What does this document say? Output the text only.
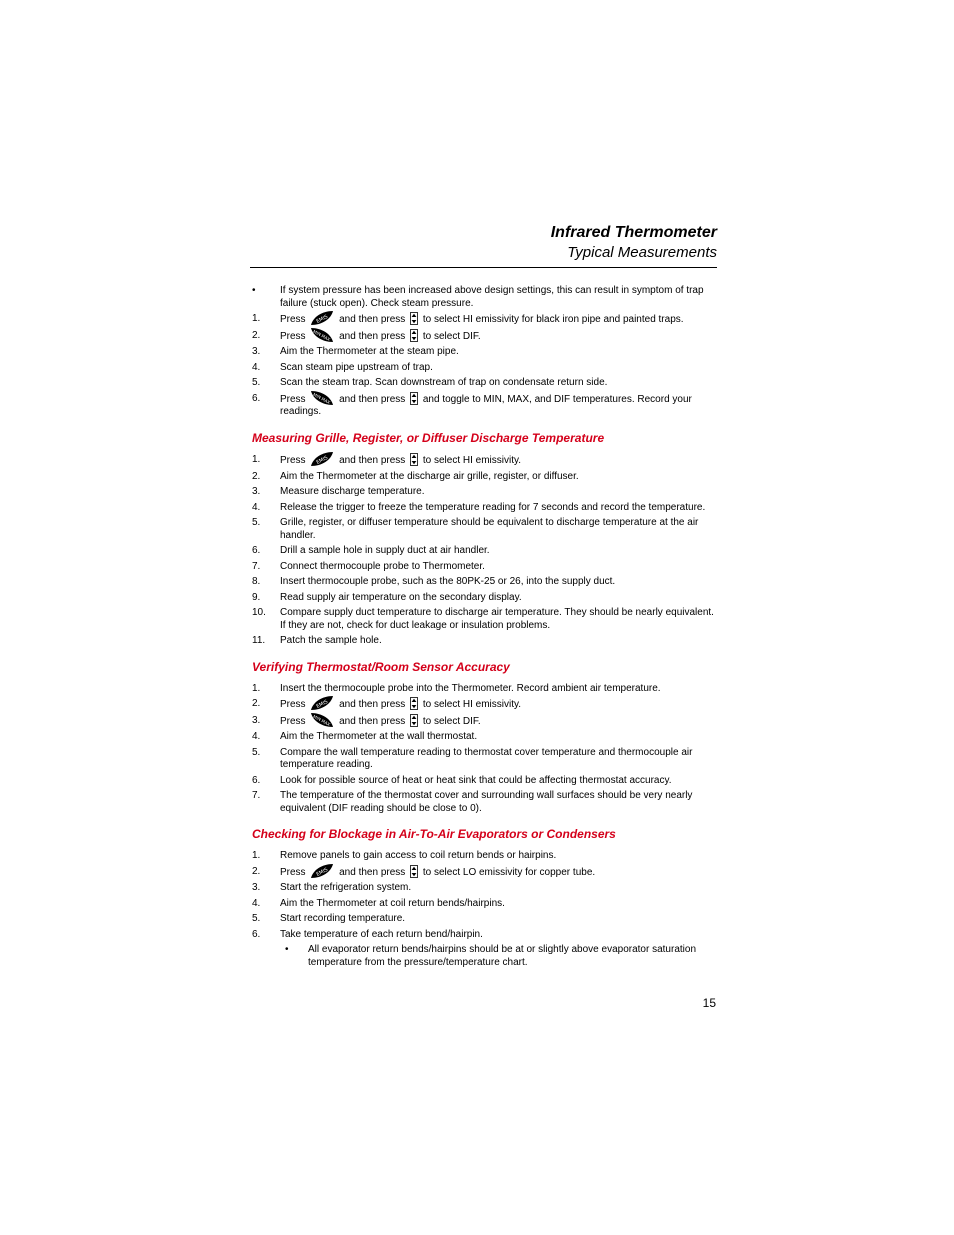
Infrared Thermometer
Typical Measurements
• If system pressure has been increased above design settings, this can result in symptom of trap failure (stuck open). Check steam pressure.
1. Press EMIS and then press to select HI emissivity for black iron pipe and painted traps.
2. Press MIN MAX and then press to select DIF.
3. Aim the Thermometer at the steam pipe.
4. Scan steam pipe upstream of trap.
5. Scan the steam trap. Scan downstream of trap on condensate return side.
6. Press MIN MAX and then press and toggle to MIN, MAX, and DIF temperatures. Record your readings.
Measuring Grille, Register, or Diffuser Discharge Temperature
1. Press EMIS and then press to select HI emissivity.
2. Aim the Thermometer at the discharge air grille, register, or diffuser.
3. Measure discharge temperature.
4. Release the trigger to freeze the temperature reading for 7 seconds and record the temperature.
5. Grille, register, or diffuser temperature should be equivalent to discharge temperature at the air handler.
6. Drill a sample hole in supply duct at air handler.
7. Connect thermocouple probe to Thermometer.
8. Insert thermocouple probe, such as the 80PK-25 or 26, into the supply duct.
9. Read supply air temperature on the secondary display.
10. Compare supply duct temperature to discharge air temperature. They should be nearly equivalent. If they are not, check for duct leakage or insulation problems.
11. Patch the sample hole.
Verifying Thermostat/Room Sensor Accuracy
1. Insert the thermocouple probe into the Thermometer. Record ambient air temperature.
2. Press EMIS and then press to select HI emissivity.
3. Press MIN MAX and then press to select DIF.
4. Aim the Thermometer at the wall thermostat.
5. Compare the wall temperature reading to thermostat cover temperature and thermocouple air temperature reading.
6. Look for possible source of heat or heat sink that could be affecting thermostat accuracy.
7. The temperature of the thermostat cover and surrounding wall surfaces should be very nearly equivalent (DIF reading should be close to 0).
Checking for Blockage in Air-To-Air Evaporators or Condensers
1. Remove panels to gain access to coil return bends or hairpins.
2. Press EMIS and then press to select LO emissivity for copper tube.
3. Start the refrigeration system.
4. Aim the Thermometer at coil return bends/hairpins.
5. Start recording temperature.
6. Take temperature of each return bend/hairpin.
• All evaporator return bends/hairpins should be at or slightly above evaporator saturation temperature from the pressure/temperature chart.
15
